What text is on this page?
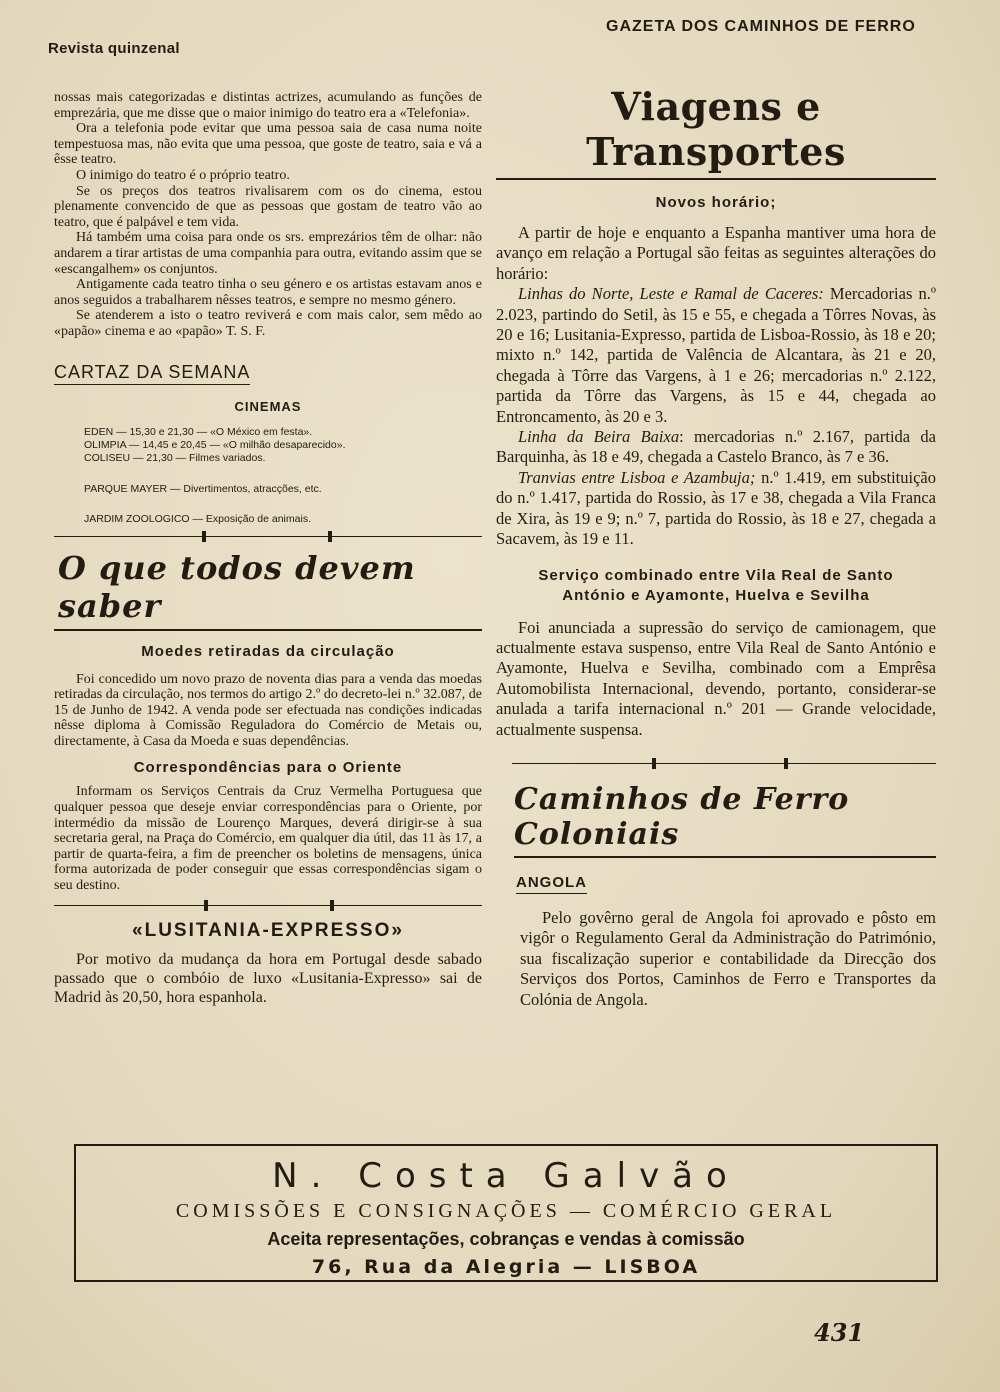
Revista quinzenal
GAZETA DOS CAMINHOS DE FERRO

nossas mais categorizadas e distintas actrizes, acumulando as funções de emprezária, que me disse que o maior inimigo do teatro era a «Telefonia».

Ora a telefonia pode evitar que uma pessoa saia de casa numa noite tempestuosa mas, não evita que uma pessoa, que goste de teatro, saia e vá a êsse teatro.

O inimigo do teatro é o próprio teatro.

Se os preços dos teatros rivalisarem com os do cinema, estou plenamente convencido de que as pessoas que gostam de teatro vão ao teatro, que é palpável e tem vida.

Há também uma coisa para onde os srs. emprezários têm de olhar: não andarem a tirar artistas de uma companhia para outra, evitando assim que se «escangalhem» os conjuntos.

Antigamente cada teatro tinha o seu género e os artistas estavam anos e anos seguidos a trabalharem nêsses teatros, e sempre no mesmo género.

Se atenderem a isto o teatro reviverá e com mais calor, sem mêdo ao «papão» cinema e ao «papão» T. S. F.

CARTAZ DA SEMANA
CINEMAS
EDEN — 15,30 e 21,30 — «O México em festa».
OLIMPIA — 14,45 e 20,45 — «O milhão desaparecido».
COLISEU — 21,30 — Filmes variados.
PARQUE MAYER — Divertimentos, atracções, etc.
JARDIM ZOOLOGICO — Exposição de animais.
O que todos devem saber
Moedes retiradas da circulação

Foi concedido um novo prazo de noventa dias para a venda das moedas retiradas da circulação, nos termos do artigo 2.º do decreto-lei n.º 32.087, de 15 de Junho de 1942. A venda pode ser efectuada nas condições indicadas nêsse diploma à Comissão Reguladora do Comércio de Metais ou, directamente, à Casa da Moeda e suas dependências.

Correspondências para o Oriente

Informam os Serviços Centrais da Cruz Vermelha Portuguesa que qualquer pessoa que deseje enviar correspondências para o Oriente, por intermédio da missão de Lourenço Marques, deverá dirigir-se à sua secretaria geral, na Praça do Comércio, em qualquer dia útil, das 11 às 17, a partir de quarta-feira, a fim de preencher os boletins de mensagens, única forma autorizada de poder conseguir que essas correspondências sigam o seu destino.

«LUSITANIA-EXPRESSO»

Por motivo da mudança da hora em Portugal desde sabado passado que o combóio de luxo «Lusitania-Expresso» sai de Madrid às 20,50, hora espanhola.

Viagens e Transportes
Novos horário;

A partir de hoje e enquanto a Espanha mantiver uma hora de avanço em relação a Portugal são feitas as seguintes alterações do horário:

Linhas do Norte, Leste e Ramal de Caceres: Mercadorias n.º 2.023, partindo do Setil, às 15 e 55, e chegada a Tôrres Novas, às 20 e 16; Lusitania-Expresso, partida de Lisboa-Rossio, às 18 e 20; mixto n.º 142, partida de Valência de Alcantara, às 21 e 20, chegada à Tôrre das Vargens, à 1 e 26; mercadorias n.º 2.122, partida da Tôrre das Vargens, às 15 e 44, chegada ao Entroncamento, às 20 e 3.

Linha da Beira Baixa: mercadorias n.º 2.167, partida da Barquinha, às 18 e 49, chegada a Castelo Branco, às 7 e 36.

Tranvias entre Lisboa e Azambuja; n.º 1.419, em substituição do n.º 1.417, partida do Rossio, às 17 e 38, chegada a Vila Franca de Xira, às 19 e 9; n.º 7, partida do Rossio, às 18 e 27, chegada a Sacavem, às 19 e 11.

Serviço combinado entre Vila Real de Santo António e Ayamonte, Huelva e Sevilha

Foi anunciada a supressão do serviço de camionagem, que actualmente estava suspenso, entre Vila Real de Santo António e Ayamonte, Huelva e Sevilha, combinado com a Emprêsa Automobilista Internacional, devendo, portanto, considerar-se anulada a tarifa internacional n.º 201 — Grande velocidade, actualmente suspensa.

Caminhos de Ferro Coloniais
ANGOLA

Pelo govêrno geral de Angola foi aprovado e pôsto em vigôr o Regulamento Geral da Administração do Património, sua fiscalização superior e contabilidade da Direcção dos Serviços dos Portos, Caminhos de Ferro e Transportes da Colónia de Angola.

N. Costa Galvão
COMISSÕES E CONSIGNAÇÕES — COMÉRCIO GERAL
Aceita representações, cobranças e vendas à comissão
76, Rua da Alegria — LISBOA
431
